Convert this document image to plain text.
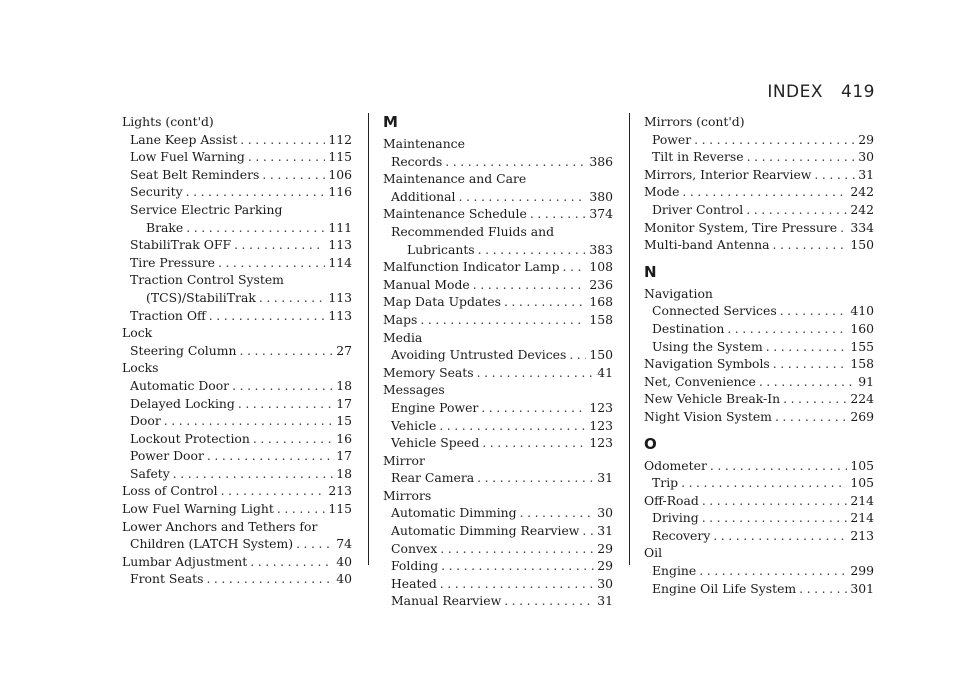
INDEX 419
Lights (cont'd)
Lane Keep Assist . . .	112
Low Fuel Warning . . .	115
Seat Belt Reminders . . .	106
Security . . .	116
Service Electric Parking
Brake . . .	111
StabiliTrak OFF . . .	113
Tire Pressure . . .	114
Traction Control System
(TCS)/StabiliTrak . . .	113
Traction Off . . .	113
Lock
Steering Column . . .	27
Locks
Automatic Door . . .	18
Delayed Locking . . .	17
Door . . .	15
Lockout Protection . . .	16
Power Door . . .	17
Safety . . .	18
Loss of Control . . .	213
Low Fuel Warning Light . . .	115
Lower Anchors and Tethers for
Children (LATCH System) . . .	74
Lumbar Adjustment . . .	40
Front Seats . . .	40
M
Maintenance
Records . . .	386
Maintenance and Care
Additional . . .	380
Maintenance Schedule . . .	374
Recommended Fluids and
Lubricants . . .	383
Malfunction Indicator Lamp . . . 108
Manual Mode . . .	236
Map Data Updates . . .	168
Maps . . .	158
Media
Avoiding Untrusted Devices . . . 150
Memory Seats . . .	41
Messages
Engine Power . . .	123
Vehicle . . .	123
Vehicle Speed . . .	123
Mirror
Rear Camera . . .	31
Mirrors
Automatic Dimming . . .	30
Automatic Dimming Rearview . . . 31
Convex . . .	29
Folding . . .	29
Heated . . .	30
Manual Rearview . . .	31
Mirrors (cont'd)
Power . . .	29
Tilt in Reverse . . .	30
Mirrors, Interior Rearview . . .	31
Mode . . .	242
Driver Control . . .	242
Monitor System, Tire Pressure . . . 334
Multi-band Antenna . . .	150
N
Navigation
Connected Services . . .	410
Destination . . .	160
Using the System . . .	155
Navigation Symbols . . .	158
Net, Convenience . . .	91
New Vehicle Break-In . . .	224
Night Vision System . . .	269
O
Odometer . . .	105
Trip . . .	105
Off-Road . . .	214
Driving . . .	214
Recovery . . .	213
Oil
Engine . . .	299
Engine Oil Life System . . .	301
